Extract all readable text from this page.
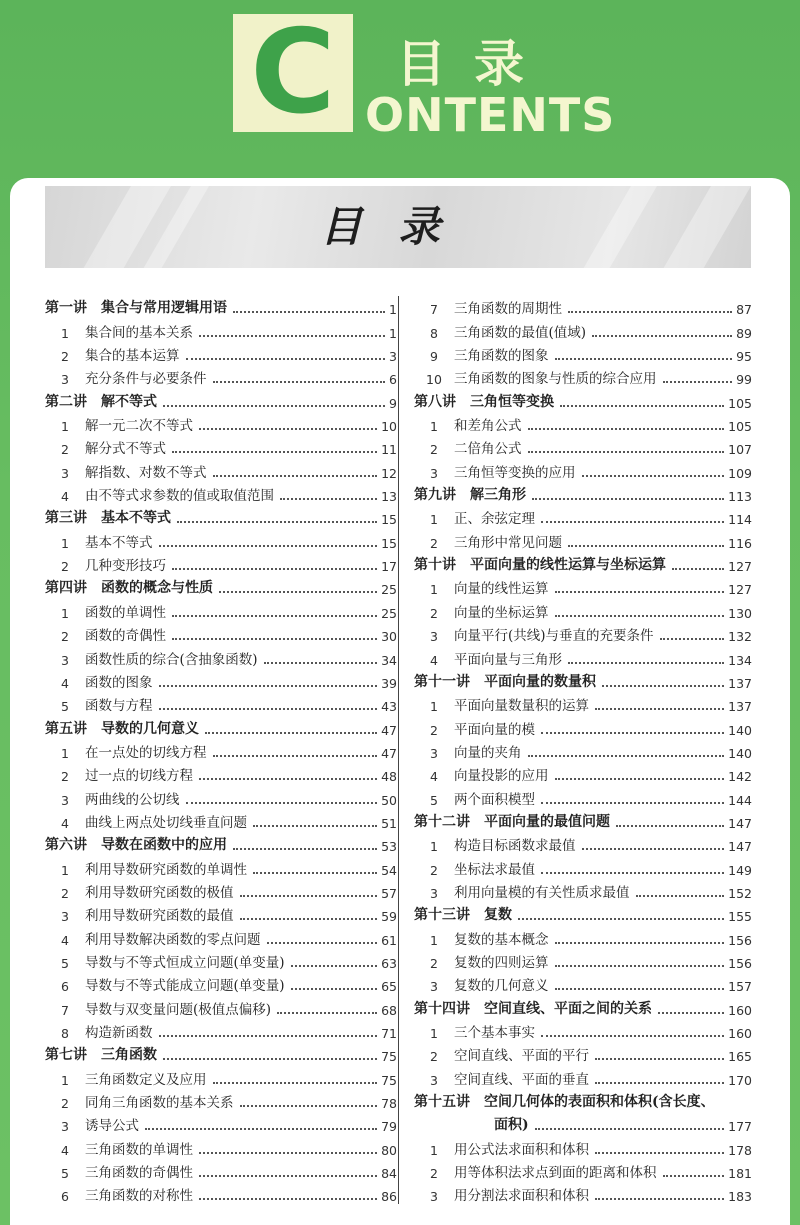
C	目录
ONTENTS
目录
第一讲　集合与常用逻辑用语	1
1	集合间的基本关系	1
2	集合的基本运算	3
3	充分条件与必要条件	6
第二讲　解不等式	9
1	解一元二次不等式	10
2	解分式不等式	11
3	解指数、对数不等式	12
4	由不等式求参数的值或取值范围	13
第三讲　基本不等式	15
1	基本不等式	15
2	几种变形技巧	17
第四讲　函数的概念与性质	25
1	函数的单调性	25
2	函数的奇偶性	30
3	函数性质的综合(含抽象函数)	34
4	函数的图象	39
5	函数与方程	43
第五讲　导数的几何意义	47
1	在一点处的切线方程	47
2	过一点的切线方程	48
3	两曲线的公切线	50
4	曲线上两点处切线垂直问题	51
第六讲　导数在函数中的应用	53
1	利用导数研究函数的单调性	54
2	利用导数研究函数的极值	57
3	利用导数研究函数的最值	59
4	利用导数解决函数的零点问题	61
5	导数与不等式恒成立问题(单变量)	63
6	导数与不等式能成立问题(单变量)	65
7	导数与双变量问题(极值点偏移)	68
8	构造新函数	71
第七讲　三角函数	75
1	三角函数定义及应用	75
2	同角三角函数的基本关系	78
3	诱导公式	79
4	三角函数的单调性	80
5	三角函数的奇偶性	84
6	三角函数的对称性	86
7	三角函数的周期性	87
8	三角函数的最值(值域)	89
9	三角函数的图象	95
10 三角函数的图象与性质的综合应用	99
第八讲　三角恒等变换	105
1	和差角公式	105
2	二倍角公式	107
3	三角恒等变换的应用	109
第九讲　解三角形	113
1	正、余弦定理	114
2	三角形中常见问题	116
第十讲　平面向量的线性运算与坐标运算	127
1	向量的线性运算	127
2	向量的坐标运算	130
3	向量平行(共线)与垂直的充要条件	132
4	平面向量与三角形	134
第十一讲　平面向量的数量积	137
1	平面向量数量积的运算	137
2	平面向量的模	140
3	向量的夹角	140
4	向量投影的应用	142
5	两个面积模型	144
第十二讲　平面向量的最值问题	147
1	构造目标函数求最值	147
2	坐标法求最值	149
3	利用向量模的有关性质求最值	152
第十三讲　复数	155
1	复数的基本概念	156
2	复数的四则运算	156
3	复数的几何意义	157
第十四讲　空间直线、平面之间的关系	160
1	三个基本事实	160
2	空间直线、平面的平行	165
3	空间直线、平面的垂直	170
第十五讲　空间几何体的表面积和体积(含长度、
面积)	177
1	用公式法求面积和体积	178
2	用等体积法求点到面的距离和体积	181
3	用分割法求面积和体积	183
